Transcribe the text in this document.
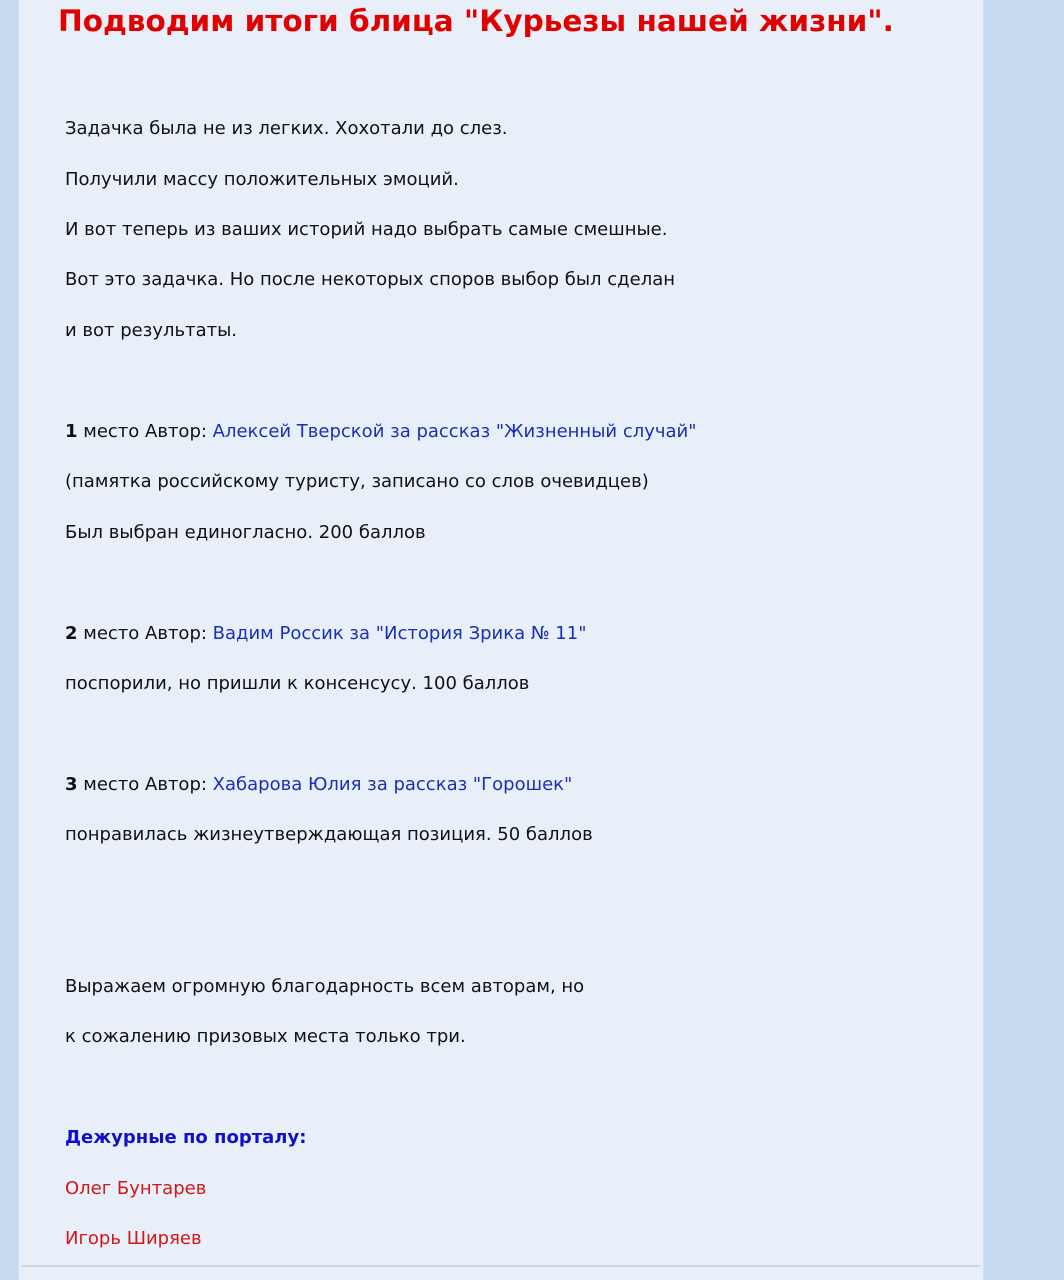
Подводим итоги блица "Курьезы нашей жизни".

Задачка была не из легких. Хохотали до слез.

Получили массу положительных эмоций.

И вот теперь из ваших историй надо выбрать самые смешные.

Вот это задачка. Но после некоторых споров выбор был сделан

и вот результаты.

1 место Автор: Алексей Тверской за рассказ "Жизненный случай"

(памятка российскому туристу, записано со слов очевидцев)

Был выбран единогласно. 200 баллов

2 место Автор: Вадим Россик за "История Зрика № 11"

поспорили, но пришли к консенсусу. 100 баллов

3 место Автор: Хабарова Юлия за рассказ "Горошек"

понравилась жизнеутверждающая позиция. 50 баллов

Выражаем огромную благодарность всем авторам, но

к сожалению призовых места только три.

Дежурные по порталу:

Олег Бунтарев

Игорь Ширяев
